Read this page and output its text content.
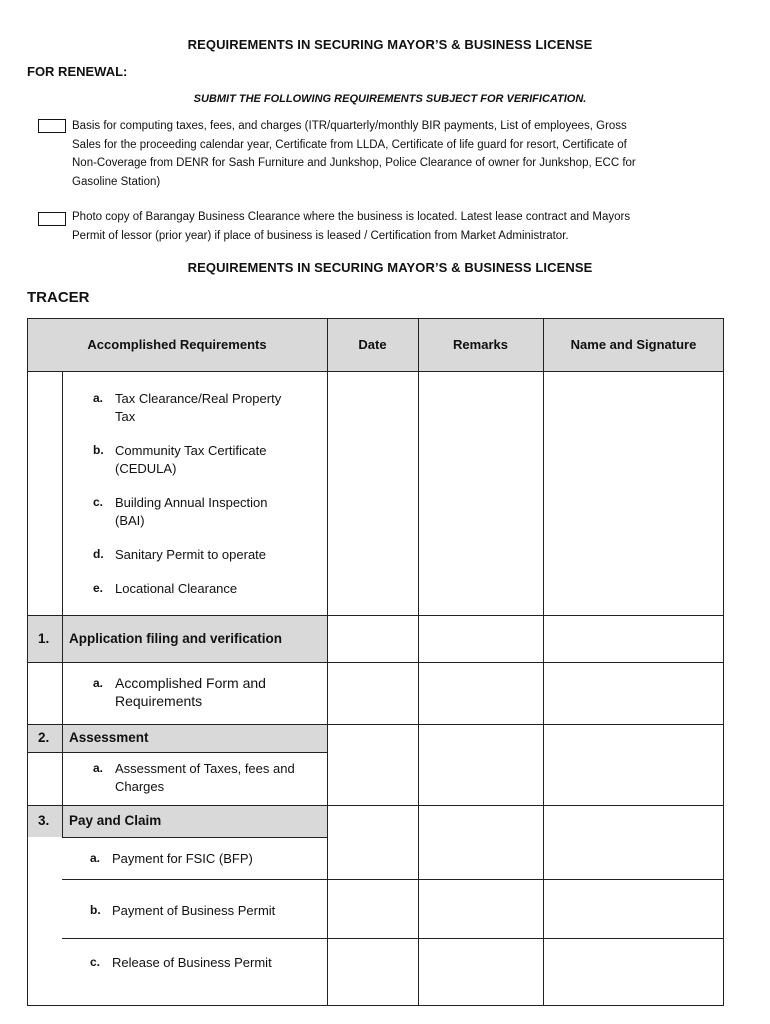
REQUIREMENTS IN SECURING MAYOR’S & BUSINESS LICENSE
FOR RENEWAL:
SUBMIT THE FOLLOWING REQUIREMENTS SUBJECT FOR VERIFICATION.
Basis for computing taxes, fees, and charges (ITR/quarterly/monthly BIR payments, List of employees, Gross
Sales for the proceeding calendar year, Certificate from LLDA, Certificate of life guard for resort, Certificate of
Non-Coverage from DENR for Sash Furniture and Junkshop, Police Clearance of owner for Junkshop, ECC for
Gasoline Station)
Photo copy of Barangay Business Clearance where the business is located. Latest lease contract and Mayors
Permit of lessor (prior year) if place of business is leased / Certification from Market Administrator.
REQUIREMENTS IN SECURING MAYOR’S & BUSINESS LICENSE
TRACER
Accomplished Requirements	Date	Remarks	Name and Signature
a. Tax Clearance/Real Property
Tax
b. Community Tax Certificate
(CEDULA)
c. Building Annual Inspection
(BAI)
d. Sanitary Permit to operate
e. Locational Clearance
1. Application filing and verification
a. Accomplished Form and
Requirements
2. Assessment
a. Assessment of Taxes, fees and
Charges
3. Pay and Claim
a. Payment for FSIC (BFP)
b. Payment of Business Permit
c. Release of Business Permit
